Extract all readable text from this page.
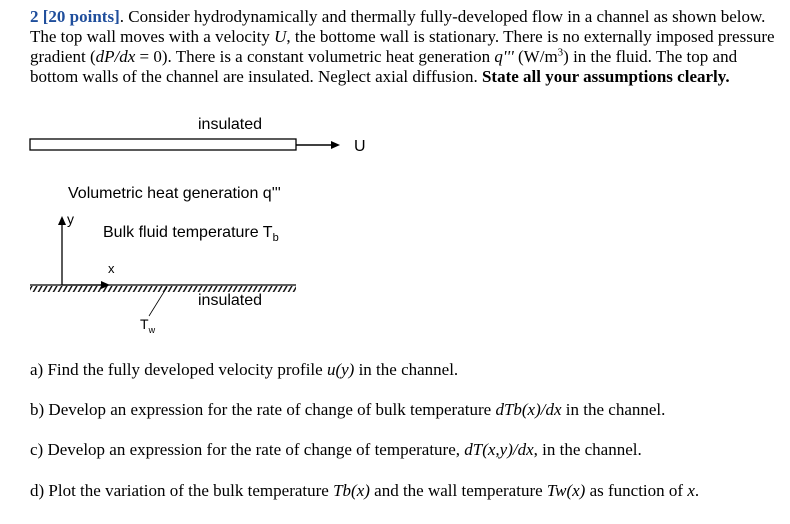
2 [20 points]. Consider hydrodynamically and thermally fully-developed flow in a channel as shown below. The top wall moves with a velocity U, the bottome wall is stationary. There is no externally imposed pressure gradient (dP/dx = 0). There is a constant volumetric heat generation q''' $(W/m^3)$ in the fluid. The top and bottom walls of the channel are insulated. Neglect axial diffusion. State all your assumptions clearly.
insulated
U
Volumetric heat generation q'''
y
Bulk fluid temperature $T_b$
x
insulated
$T_w$
a) Find the fully developed velocity profile u(y) in the channel.
b) Develop an expression for the rate of change of bulk temperature dTb(x)/dx in the channel.
c) Develop an expression for the rate of change of temperature, dT(x,y)/dx, in the channel.
d) Plot the variation of the bulk temperature Tb(x) and the wall temperature Tw(x) as function of x.
